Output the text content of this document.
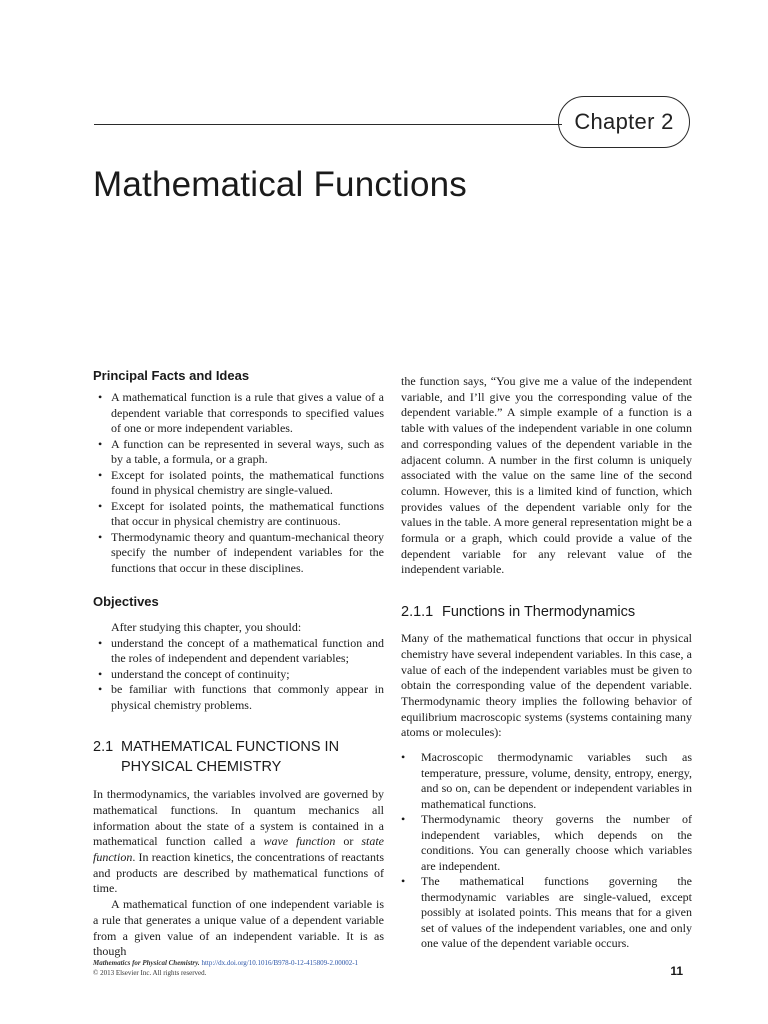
Chapter 2
Mathematical Functions
Principal Facts and Ideas
• A mathematical function is a rule that gives a value of a dependent variable that corresponds to specified values of one or more independent variables.
• A function can be represented in several ways, such as by a table, a formula, or a graph.
• Except for isolated points, the mathematical functions found in physical chemistry are single-valued.
• Except for isolated points, the mathematical functions that occur in physical chemistry are continuous.
• Thermodynamic theory and quantum-mechanical theory specify the number of independent variables for the functions that occur in these disciplines.
Objectives

After studying this chapter, you should:

• understand the concept of a mathematical function and the roles of independent and dependent variables;
• understand the concept of continuity;
• be familiar with functions that commonly appear in physical chemistry problems.
2.1 MATHEMATICAL FUNCTIONS IN
PHYSICAL CHEMISTRY

In thermodynamics, the variables involved are governed by mathematical functions. In quantum mechanics all information about the state of a system is contained in a mathematical function called a wave function or state function. In reaction kinetics, the concentrations of reactants and products are described by mathematical functions of time.

A mathematical function of one independent variable is a rule that generates a unique value of a dependent variable from a given value of an independent variable. It is as though

the function says, “You give me a value of the independent variable, and I’ll give you the corresponding value of the dependent variable.” A simple example of a function is a table with values of the independent variable in one column and corresponding values of the dependent variable in the adjacent column. A number in the first column is uniquely associated with the value on the same line of the second column. However, this is a limited kind of function, which provides values of the dependent variable only for the values in the table. A more general representation might be a formula or a graph, which could provide a value of the dependent variable for any relevant value of the independent variable.

2.1.1 Functions in Thermodynamics

Many of the mathematical functions that occur in physical chemistry have several independent variables. In this case, a value of each of the independent variables must be given to obtain the corresponding value of the dependent variable. Thermodynamic theory implies the following behavior of equilibrium macroscopic systems (systems containing many atoms or molecules):

• Macroscopic thermodynamic variables such as temperature, pressure, volume, density, entropy, energy, and so on, can be dependent or independent variables in mathematical functions.
• Thermodynamic theory governs the number of independent variables, which depends on the conditions. You can generally choose which variables are independent.
• The mathematical functions governing the thermodynamic variables are single-valued, except possibly at isolated points. This means that for a given set of values of the independent variables, one and only one value of the dependent variable occurs.
Mathematics for Physical Chemistry. http://dx.doi.org/10.1016/B978-0-12-415809-2.00002-1
© 2013 Elsevier Inc. All rights reserved.	11
